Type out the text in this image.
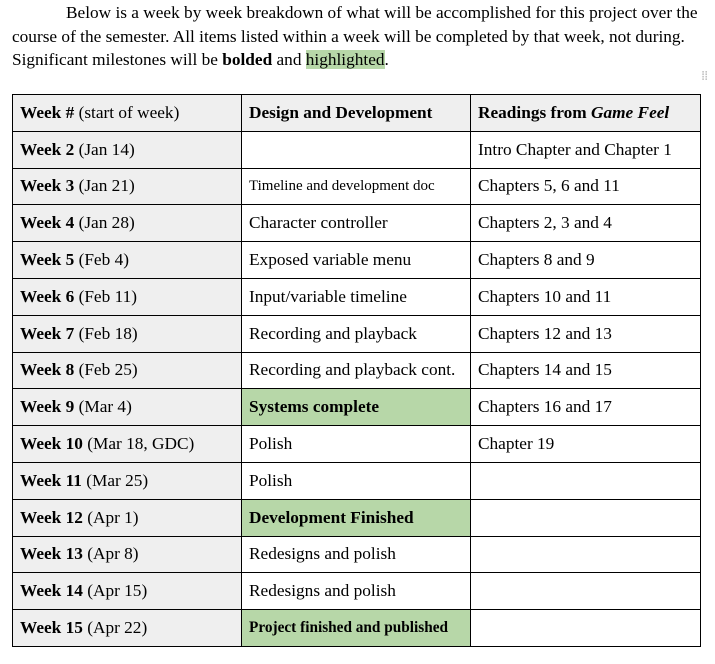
Below is a week by week breakdown of what will be accomplished for this project over the course of the semester. All items listed within a week will be completed by that week, not during. Significant milestones will be bolded and highlighted.

⁞⁞
Week # (start of week)	Design and Development	Readings from Game Feel
Week 2 (Jan 14)		Intro Chapter and Chapter 1
Week 3 (Jan 21)	Timeline and development doc	Chapters 5, 6 and 11
Week 4 (Jan 28)	Character controller	Chapters 2, 3 and 4
Week 5 (Feb 4)	Exposed variable menu	Chapters 8 and 9
Week 6 (Feb 11)	Input/variable timeline	Chapters 10 and 11
Week 7 (Feb 18)	Recording and playback	Chapters 12 and 13
Week 8 (Feb 25)	Recording and playback cont.	Chapters 14 and 15
Week 9 (Mar 4)	Systems complete	Chapters 16 and 17
Week 10 (Mar 18, GDC)	Polish	Chapter 19
Week 11 (Mar 25)	Polish	
Week 12 (Apr 1)	Development Finished	
Week 13 (Apr 8)	Redesigns and polish	
Week 14 (Apr 15)	Redesigns and polish	
Week 15 (Apr 22)	Project finished and published	
